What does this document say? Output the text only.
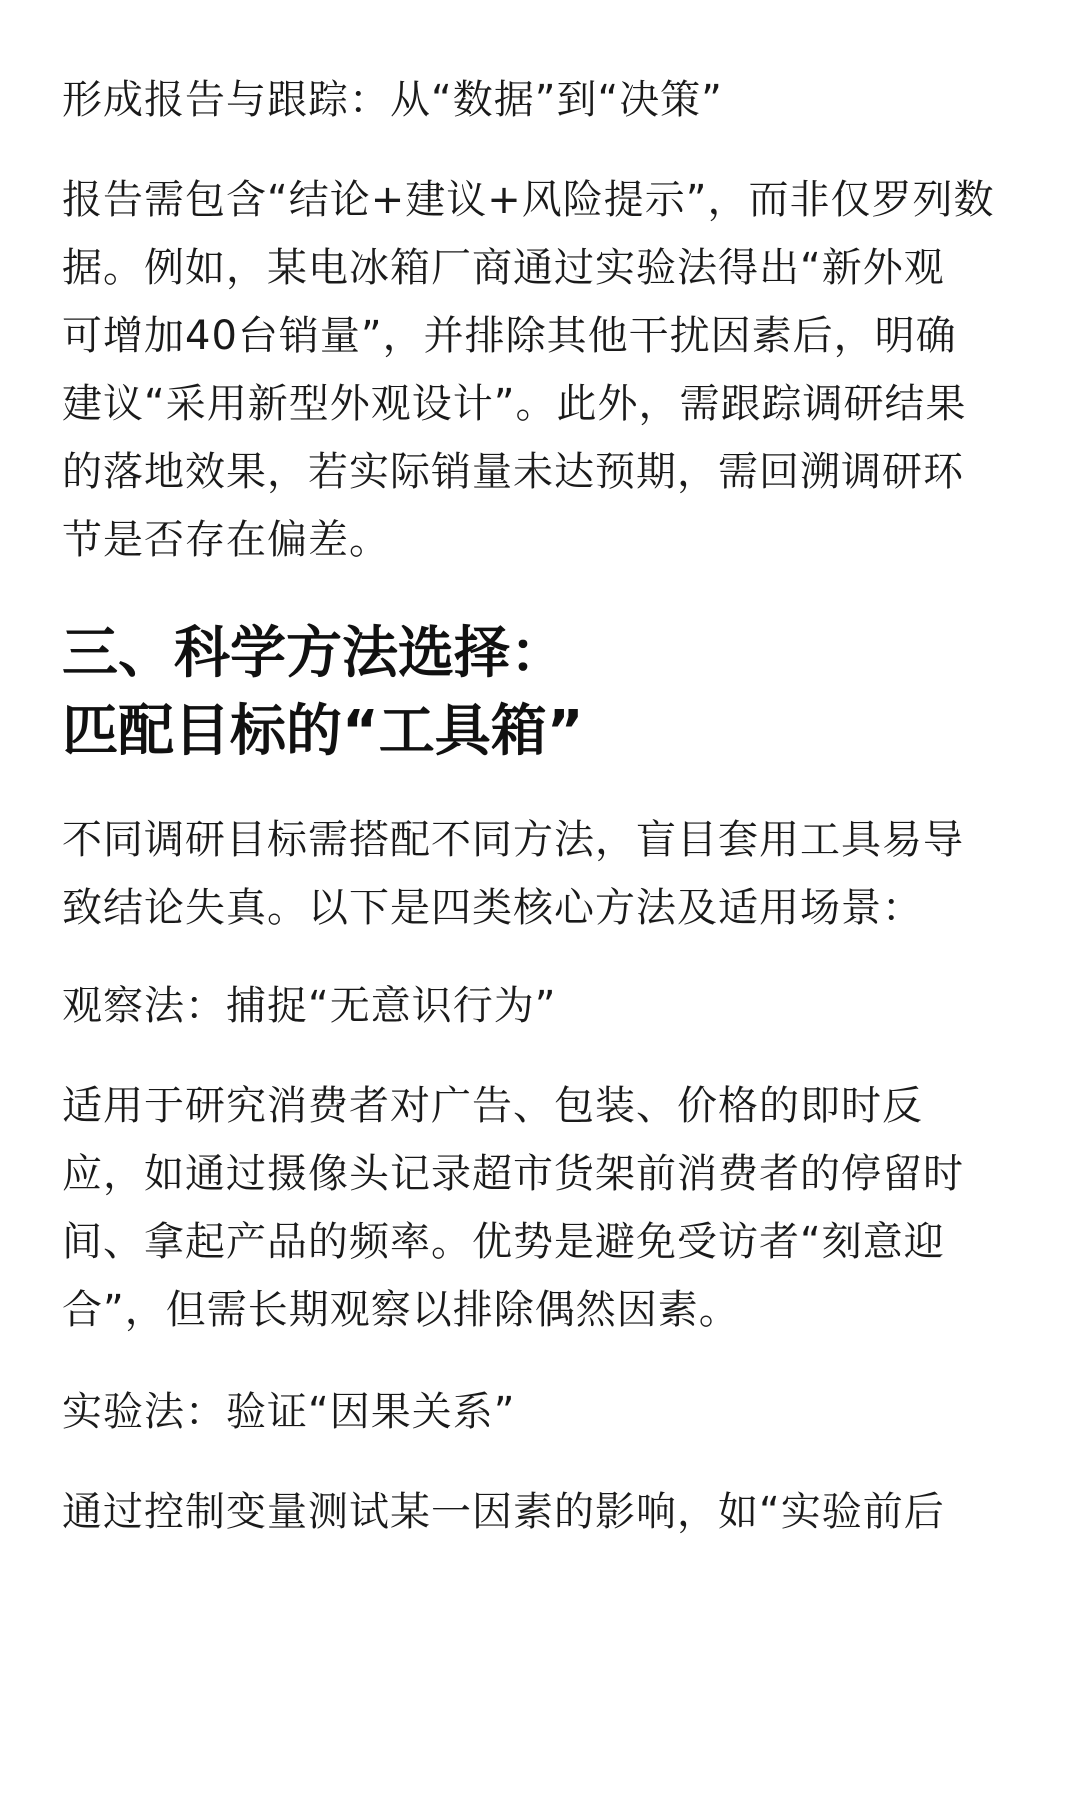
形成报告与跟踪：从“数据”到“决策”
报告需包含“结论+建议+风险提示”，而非仅罗列数
据。例如，某电冰箱厂商通过实验法得出“新外观
可增加40台销量”，并排除其他干扰因素后，明确
建议“采用新型外观设计”。此外，需跟踪调研结果
的落地效果，若实际销量未达预期，需回溯调研环
节是否存在偏差。
三、科学方法选择：
匹配目标的“工具箱”
不同调研目标需搭配不同方法，盲目套用工具易导
致结论失真。以下是四类核心方法及适用场景：
观察法：捕捉“无意识行为”
适用于研究消费者对广告、包装、价格的即时反
应，如通过摄像头记录超市货架前消费者的停留时
间、拿起产品的频率。优势是避免受访者“刻意迎
合”，但需长期观察以排除偶然因素。
实验法：验证“因果关系”
通过控制变量测试某一因素的影响，如“实验前后
